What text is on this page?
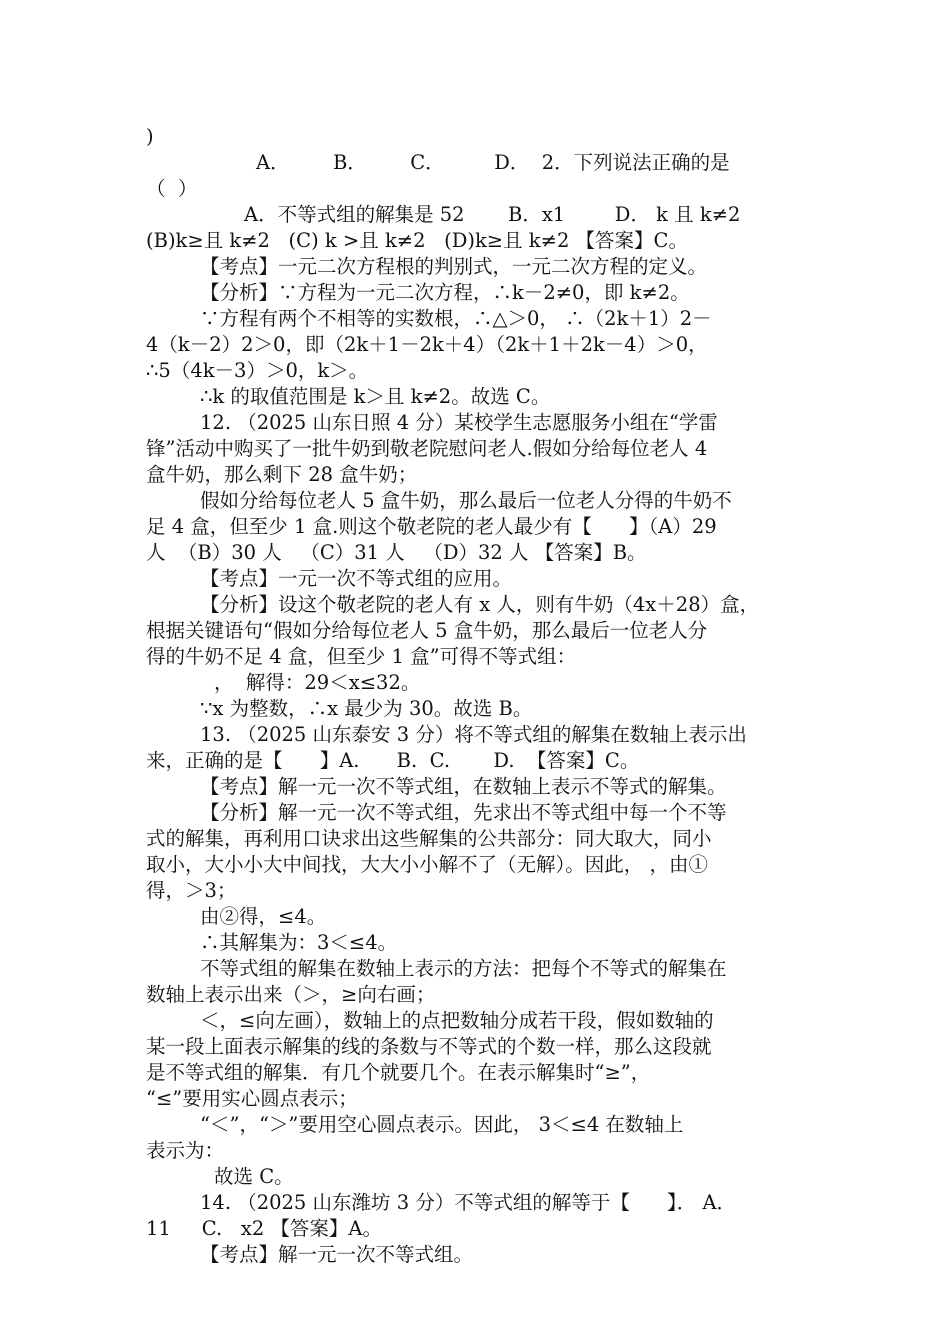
)
A．       B．       C．        D．  2．下列说法正确的是
（  ）
A．不等式组的解集是 52       B．x1        D． k 且 k≠2
(B)k≥且 k≠2   (C) k >且 k≠2   (D)k≥且 k≠2 【答案】C。
【考点】一元二次方程根的判别式，一元二次方程的定义。
【分析】∵方程为一元二次方程，∴k－2≠0，即 k≠2。
∵方程有两个不相等的实数根，∴△＞0， ∴（2k＋1）2－
4（k－2）2＞0，即（2k＋1－2k＋4）（2k＋1＋2k－4）＞0，
∴5（4k－3）＞0，k＞。
∴k 的取值范围是 k＞且 k≠2。故选 C。
12. （2025 山东日照 4 分）某校学生志愿服务小组在“学雷
锋”活动中购买了一批牛奶到敬老院慰问老人.假如分给每位老人 4
盒牛奶，那么剩下 28 盒牛奶；
假如分给每位老人 5 盒牛奶，那么最后一位老人分得的牛奶不
足 4 盒，但至少 1 盒.则这个敬老院的老人最少有【      】（A）29
人  （B）30 人   （C）31 人   （D）32 人 【答案】B。
【考点】一元一次不等式组的应用。
【分析】设这个敬老院的老人有 x 人，则有牛奶（4x＋28）盒，
根据关键语句“假如分给每位老人 5 盒牛奶，那么最后一位老人分
得的牛奶不足 4 盒，但至少 1 盒”可得不等式组：
，  解得：29＜x≤32。
∵x 为整数，∴x 最少为 30。故选 B。
13. （2025 山东泰安 3 分）将不等式组的解集在数轴上表示出
来，正确的是【      】A.      B.  C.       D.  【答案】C。
【考点】解一元一次不等式组，在数轴上表示不等式的解集。
【分析】解一元一次不等式组，先求出不等式组中每一个不等
式的解集，再利用口诀求出这些解集的公共部分：同大取大，同小
取小，大小小大中间找，大大小小解不了（无解）。因此， ，由①
得，＞3；
由②得，≤4。
∴其解集为：3＜≤4。
不等式组的解集在数轴上表示的方法：把每个不等式的解集在
数轴上表示出来（＞，≥向右画；
＜，≤向左画），数轴上的点把数轴分成若干段，假如数轴的
某一段上面表示解集的线的条数与不等式的个数一样，那么这段就
是不等式组的解集．有几个就要几个。在表示解集时“≥”，
“≤”要用实心圆点表示；
“＜”，“＞”要用空心圆点表示。因此， 3＜≤4 在数轴上
表示为：
故选 C。
14. （2025 山东潍坊 3 分）不等式组的解等于【      】． A．
11     C.   x2 【答案】A。
【考点】解一元一次不等式组。
